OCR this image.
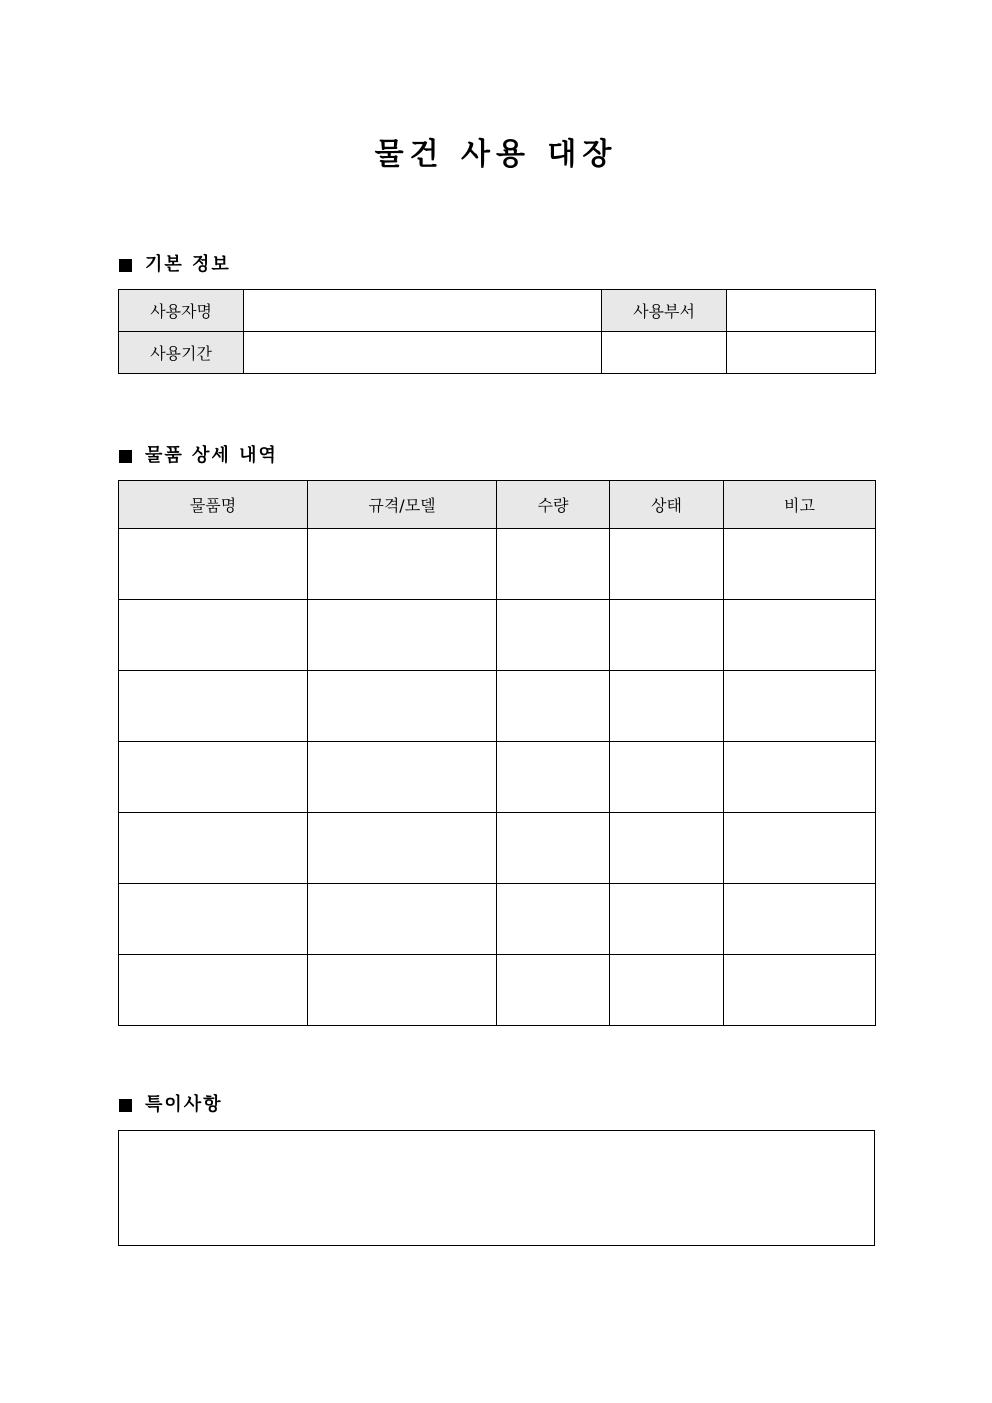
물건 사용 대장
기본 정보
사용자명		사용부서	
사용기간			
물품 상세 내역
물품명	규격/모델	수량	상태	비고

특이사항
